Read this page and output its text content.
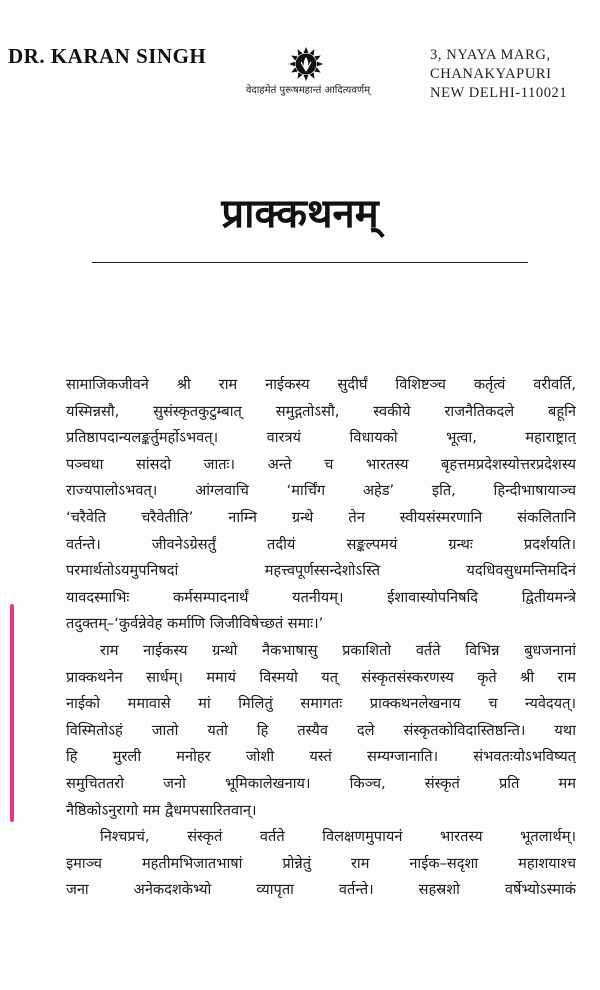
DR. KARAN SINGH
वेदाहमेतं पुरूषमहान्तं आदित्यवर्णम्
3, NYAYA MARG,
CHANAKYAPURI
NEW DELHI-110021
प्राक्कथनम्
सामाजिकजीवने श्री राम नाईकस्य सुदीर्घं विशिष्टञ्च कर्तृत्वं वरीवर्ति,
यस्मिन्नसौ, सुसंस्कृतकुटुम्बात् समुद्गतोऽसौ, स्वकीये राजनैतिकदले बहूनि
प्रतिष्ठापदान्यलङ्कर्तुमर्होऽभवत्। वारत्रयं विधायको भूत्वा, महाराष्ट्रात्
पञ्चधा सांसदो जातः। अन्ते च भारतस्य बृहत्तमप्रदेशस्योत्तरप्रदेशस्य
राज्यपालोऽभवत्। आंग्लवाचि ‘मार्चिंग अहेड’ इति, हिन्दीभाषायाञ्च
‘चरैवेति चरैवेतीति’ नाम्नि ग्रन्थे तेन स्वीयसंस्मरणानि संकलितानि
वर्तन्ते। जीवनेऽग्रेसर्तुं तदीयं सङ्कल्पमयं ग्रन्थः प्रदर्शयति।
परमार्थतोऽयमुपनिषदां महत्त्वपूर्णस्सन्देशोऽस्ति यदधिवसुधमन्तिमदिनं
यावदस्माभिः कर्मसम्पादनार्थं यतनीयम्। ईशावास्योपनिषदि द्वितीयमन्त्रे
तदुक्तम्–‘कुर्वन्नेवेह कर्माणि जिजीविषेच्छतं समाः।’
राम नाईकस्य ग्रन्थो नैकभाषासु प्रकाशितो वर्तते विभिन्न बुधजनानां
प्राक्कथनेन सार्धम्। ममायं विस्मयो यत् संस्कृतसंस्करणस्य कृते श्री राम
नाईको ममावासे मां मिलितुं समागतः प्राक्कथनलेखनाय च न्यवेदयत्।
विस्मितोऽहं जातो यतो हि तस्यैव दले संस्कृतकोविदास्तिष्ठन्ति। यथा
हि मुरली मनोहर जोशी यस्तं सम्यग्जानाति। संभवतःयोऽभविष्यत्
समुचिततरो जनो भूमिकालेखनाय। किञ्च, संस्कृतं प्रति मम
नैष्ठिकोऽनुरागो मम द्वैधमपसारितवान्।
निश्चप्रचं, संस्कृतं वर्तते विलक्षणमुपायनं भारतस्य भूतलार्थम्।
इमाञ्च महतीमभिजातभाषां प्रोन्नेतुं राम नाईक–सदृशा महाशयाश्च
जना अनेकदशकेभ्यो व्यापृता वर्तन्ते। सहस्रशो वर्षेभ्योऽस्माकं
